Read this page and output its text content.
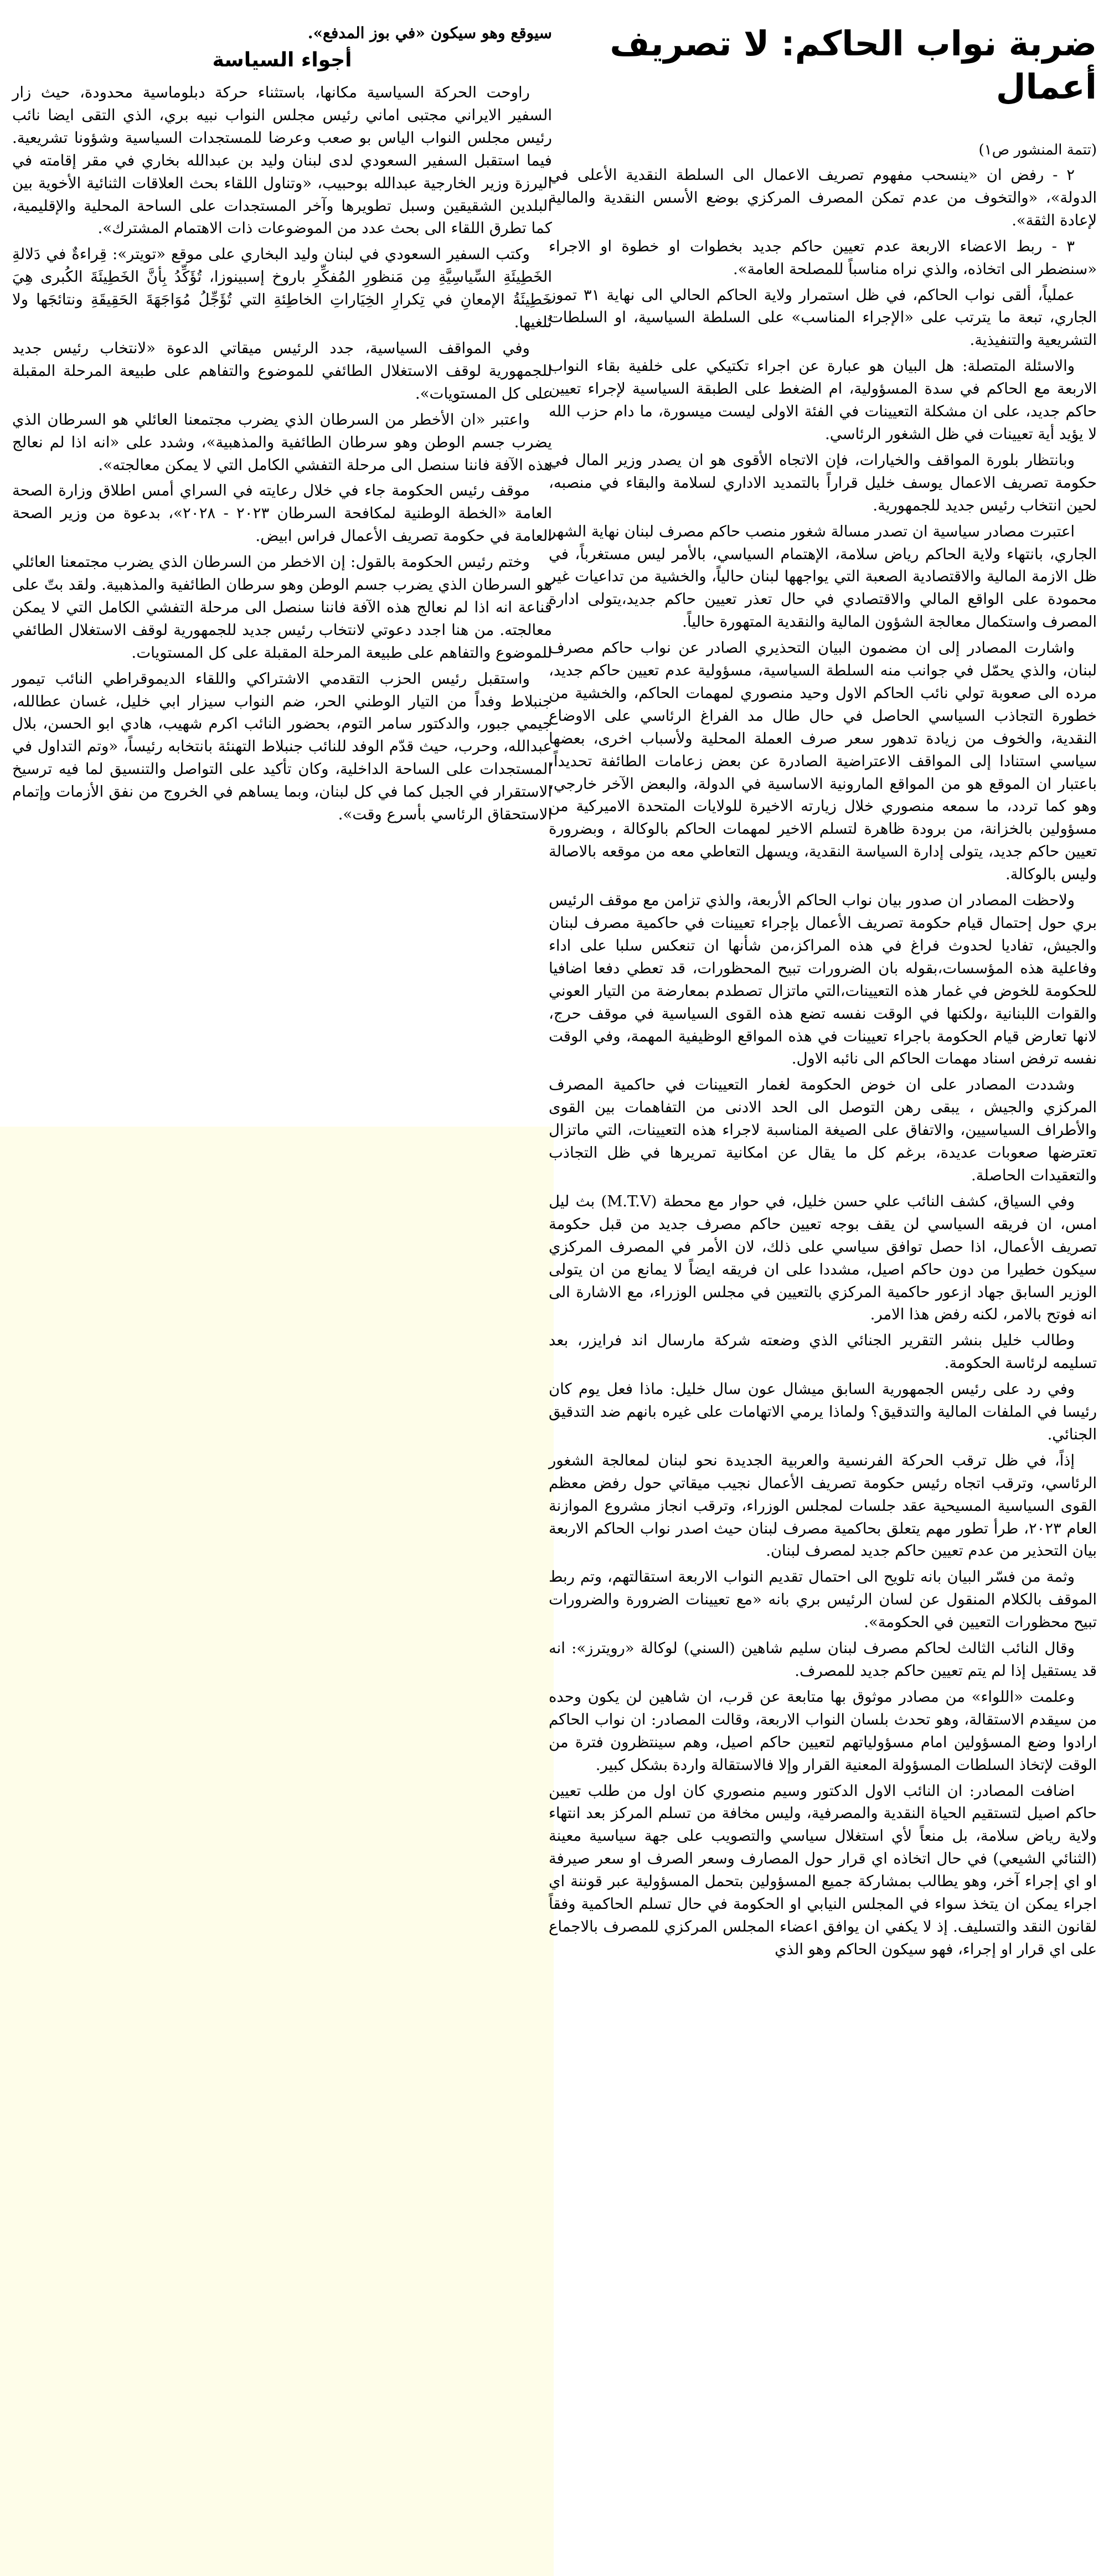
ضربة نواب الحاكم: لا تصريف أعمال

(تتمة المنشور ص١)

٢ - رفض ان «ينسحب مفهوم تصريف الاعمال الى السلطة النقدية الأعلى في الدولة»، «والتخوف من عدم تمكن المصرف المركزي بوضع الأسس النقدية والمالية لإعادة الثقة».

٣ - ربط الاعضاء الاربعة عدم تعيين حاكم جديد بخطوات او خطوة او الاجراء «سنضطر الى اتخاذه، والذي نراه مناسباً للمصلحة العامة».

عملياً، ألقى نواب الحاكم، في ظل استمرار ولاية الحاكم الحالي الى نهاية ٣١ تموز الجاري، تبعة ما يترتب على «الإجراء المناسب» على السلطة السياسية، او السلطات التشريعية والتنفيذية.

والاسئلة المتصلة: هل البيان هو عبارة عن اجراء تكتيكي على خلفية بقاء النواب الاربعة مع الحاكم في سدة المسؤولية، ام الضغط على الطبقة السياسية لإجراء تعيين حاكم جديد، على ان مشكلة التعيينات في الفئة الاولى ليست ميسورة، ما دام حزب الله لا يؤيد أية تعيينات في ظل الشغور الرئاسي.

وبانتظار بلورة المواقف والخيارات، فإن الاتجاه الأقوى هو ان يصدر وزير المال في حكومة تصريف الاعمال يوسف خليل قراراً بالتمديد الاداري لسلامة والبقاء في منصبه، لحين انتخاب رئيس جديد للجمهورية.

اعتبرت مصادر سياسية ان تصدر مسالة شغور منصب حاكم مصرف لبنان نهاية الشهر الجاري، بانتهاء ولاية الحاكم رياض سلامة، الإهتمام السياسي، بالأمر ليس مستغرباً، في ظل الازمة المالية والاقتصادية الصعبة التي يواجهها لبنان حالياً، والخشية من تداعيات غير محمودة على الواقع المالي والاقتصادي في حال تعذر تعيين حاكم جديد،يتولى ادارة المصرف واستكمال معالجة الشؤون المالية والنقدية المتهورة حالياً.

واشارت المصادر إلى ان مضمون البيان التحذيري الصادر عن نواب حاكم مصرف لبنان، والذي يحمّل في جوانب منه السلطة السياسية، مسؤولية عدم تعيين حاكم جديد، مرده الى صعوبة تولي نائب الحاكم الاول وحيد منصوري لمهمات الحاكم، والخشية من خطورة التجاذب السياسي الحاصل في حال طال مد الفراغ الرئاسي على الاوضاع النقدية، والخوف من زيادة تدهور سعر صرف العملة المحلية ولأسباب اخرى، بعضها سياسي استنادا إلى المواقف الاعتراضية الصادرة عن بعض زعامات الطائفة تحديداً، باعتبار ان الموقع هو من المواقع المارونية الاساسية في الدولة، والبعض الآخر خارجي، وهو كما تردد، ما سمعه منصوري خلال زيارته الاخيرة للولايات المتحدة الاميركية من مسؤولين بالخزانة، من برودة ظاهرة لتسلم الاخير لمهمات الحاكم بالوكالة ، وبضرورة تعيين حاكم جديد، يتولى إدارة السياسة النقدية، ويسهل التعاطي معه من موقعه بالاصالة وليس بالوكالة.

ولاحظت المصادر ان صدور بيان نواب الحاكم الأربعة، والذي تزامن مع موقف الرئيس بري حول إحتمال قيام حكومة تصريف الأعمال بإجراء تعيينات في حاكمية مصرف لبنان والجيش، تفاديا لحدوث فراغ في هذه المراكز،من شأنها ان تنعكس سلبا على اداء وفاعلية هذه المؤسسات،بقوله بان الضرورات تبيح المحظورات، قد تعطي دفعا اضافيا للحكومة للخوض في غمار هذه التعيينات،التي ماتزال تصطدم بمعارضة من التيار العوني والقوات اللبنانية ،ولكنها في الوقت نفسه تضع هذه القوى السياسية في موقف حرج، لانها تعارض قيام الحكومة باجراء تعيينات في هذه المواقع الوظيفية المهمة، وفي الوقت نفسه ترفض اسناد مهمات الحاكم الى نائبه الاول.

وشددت المصادر على ان خوض الحكومة لغمار التعيينات في حاكمية المصرف المركزي والجيش ، يبقى رهن التوصل الى الحد الادنى من التفاهمات بين القوى والأطراف السياسيين، والاتفاق على الصيغة المناسبة لاجراء هذه التعيينات، التي ماتزال تعترضها صعوبات عديدة، برغم كل ما يقال عن امكانية تمريرها في ظل التجاذب والتعقيدات الحاصلة.

وفي السياق، كشف النائب علي حسن خليل، في حوار مع محطة (M.T.V) بث ليل امس، ان فريقه السياسي لن يقف بوجه تعيين حاكم مصرف جديد من قبل حكومة تصريف الأعمال، اذا حصل توافق سياسي على ذلك، لان الأمر في المصرف المركزي سيكون خطيرا من دون حاكم اصيل، مشددا على ان فريقه ايضاً لا يمانع من ان يتولى الوزير السابق جهاد ازعور حاكمية المركزي بالتعيين في مجلس الوزراء، مع الاشارة الى انه فوتح بالامر، لكنه رفض هذا الامر.

وطالب خليل بنشر التقرير الجنائي الذي وضعته شركة مارسال اند فرايزر، بعد تسليمه لرئاسة الحكومة.

وفي رد على رئيس الجمهورية السابق ميشال عون سال خليل: ماذا فعل يوم كان رئيسا في الملفات المالية والتدقيق؟ ولماذا يرمي الاتهامات على غيره بانهم ضد التدقيق الجنائي.

إذاً، في ظل ترقب الحركة الفرنسية والعربية الجديدة نحو لبنان لمعالجة الشغور الرئاسي، وترقب اتجاه رئيس حكومة تصريف الأعمال نجيب ميقاتي حول رفض معظم القوى السياسية المسيحية عقد جلسات لمجلس الوزراء، وترقب انجاز مشروع الموازنة العام ٢٠٢٣، طرأ تطور مهم يتعلق بحاكمية مصرف لبنان حيث اصدر نواب الحاكم الاربعة بيان التحذير من عدم تعيين حاكم جديد لمصرف لبنان.

وثمة من فسّر البيان بانه تلويح الى احتمال تقديم النواب الاربعة استقالتهم، وتم ربط الموقف بالكلام المنقول عن لسان الرئيس بري بانه «مع تعيينات الضرورة والضرورات تبيح محظورات التعيين في الحكومة».

وقال النائب الثالث لحاكم مصرف لبنان سليم شاهين (السني) لوكالة «رويترز»: انه قد يستقيل إذا لم يتم تعيين حاكم جديد للمصرف.

وعلمت «اللواء» من مصادر موثوق بها متابعة عن قرب، ان شاهين لن يكون وحده من سيقدم الاستقالة، وهو تحدث بلسان النواب الاربعة، وقالت المصادر: ان نواب الحاكم ارادوا وضع المسؤولين امام مسؤولياتهم لتعيين حاكم اصيل، وهم سينتظرون فترة من الوقت لإتخاذ السلطات المسؤولة المعنية القرار وإلا فالاستقالة واردة بشكل كبير.

اضافت المصادر: ان النائب الاول الدكتور وسيم منصوري كان اول من طلب تعيين حاكم اصيل لتستقيم الحياة النقدية والمصرفية، وليس مخافة من تسلم المركز بعد انتهاء ولاية رياض سلامة، بل منعاً لأي استغلال سياسي والتصويب على جهة سياسية معينة (الثنائي الشيعي) في حال اتخاذه اي قرار حول المصارف وسعر الصرف او سعر صيرفة او اي إجراء آخر، وهو يطالب بمشاركة جميع المسؤولين بتحمل المسؤولية عبر قوننة اي اجراء يمكن ان يتخذ سواء في المجلس النيابي او الحكومة في حال تسلم الحاكمية وفقاً لقانون النقد والتسليف. إذ لا يكفي ان يوافق اعضاء المجلس المركزي للمصرف بالاجماع على اي قرار او إجراء، فهو سيكون الحاكم وهو الذي

سيوقع وهو سيكون «في بوز المدفع».

أجواء السياسة

راوحت الحركة السياسية مكانها، باستثناء حركة دبلوماسية محدودة، حيث زار السفير الايراني مجتبى اماني رئيس مجلس النواب نبيه بري، الذي التقى ايضا نائب رئيس مجلس النواب الياس بو صعب وعرضا للمستجدات السياسية وشؤونا تشريعية. فيما استقبل السفير السعودي لدى لبنان وليد بن عبدالله بخاري في مقر إقامته في اليرزة وزير الخارجية عبدالله بوحبيب، «وتناول اللقاء بحث العلاقات الثنائية الأخوية بين البلدين الشقيقين وسبل تطويرها وآخر المستجدات على الساحة المحلية والإقليمية، كما تطرق اللقاء الى بحث عدد من الموضوعات ذات الاهتمام المشترك».

وكتب السفير السعودي في لبنان وليد البخاري على موقع «تويتر»: قِراءةٌ في دَلالةِ الخَطِيئَةِ السِّياسِيَّةِ مِن مَنظورِ المُفكِّرِ باروخ إسبينوزا، تُؤَكِّدُ بِأنَّ الخَطِيئَةَ الكُبرى هِيَ خَطِيئَةُ الإمعانِ في تِكرارِ الخِيَاراتِ الخاطِئةِ التي تُؤَجِّلُ مُوَاجَهَةَ الحَقِيقَةِ ونتائجَها ولا تُلغيها.

وفي المواقف السياسية، جدد الرئيس ميقاتي الدعوة «لانتخاب رئيس جديد للجمهورية لوقف الاستغلال الطائفي للموضوع والتفاهم على طبيعة المرحلة المقبلة على كل المستويات».

واعتبر «ان الأخطر من السرطان الذي يضرب مجتمعنا العائلي هو السرطان الذي يضرب جسم الوطن وهو سرطان الطائفية والمذهبية»، وشدد على «انه اذا لم نعالج هذه الآفة فاننا سنصل الى مرحلة التفشي الكامل التي لا يمكن معالجته».

موقف رئيس الحكومة جاء في خلال رعايته في السراي أمس اطلاق وزارة الصحة العامة «الخطة الوطنية لمكافحة السرطان ٢٠٢٣ - ٢٠٢٨»، بدعوة من وزير الصحة العامة في حكومة تصريف الأعمال فراس ابيض.

وختم رئيس الحكومة بالقول: إن الاخطر من السرطان الذي يضرب مجتمعنا العائلي هو السرطان الذي يضرب جسم الوطن وهو سرطان الطائفية والمذهبية. ولقد بتّ على قناعة انه اذا لم نعالج هذه الآفة فاننا سنصل الى مرحلة التفشي الكامل التي لا يمكن معالجته. من هنا اجدد دعوتي لانتخاب رئيس جديد للجمهورية لوقف الاستغلال الطائفي للموضوع والتفاهم على طبيعة المرحلة المقبلة على كل المستويات.

واستقبل رئيس الحزب التقدمي الاشتراكي واللقاء الديموقراطي النائب تيمور جنبلاط وفداً من التيار الوطني الحر، ضم النواب سيزار ابي خليل، غسان عطالله، جيمي جبور، والدكتور سامر التوم، بحضور النائب اكرم شهيب، هادي ابو الحسن، بلال عبدالله، وحرب، حيث قدّم الوفد للنائب جنبلاط التهنئة بانتخابه رئيساً، «وتم التداول في المستجدات على الساحة الداخلية، وكان تأكيد على التواصل والتنسيق لما فيه ترسيخ الاستقرار في الجبل كما في كل لبنان، وبما يساهم في الخروج من نفق الأزمات وإتمام الاستحقاق الرئاسي بأسرع وقت».
